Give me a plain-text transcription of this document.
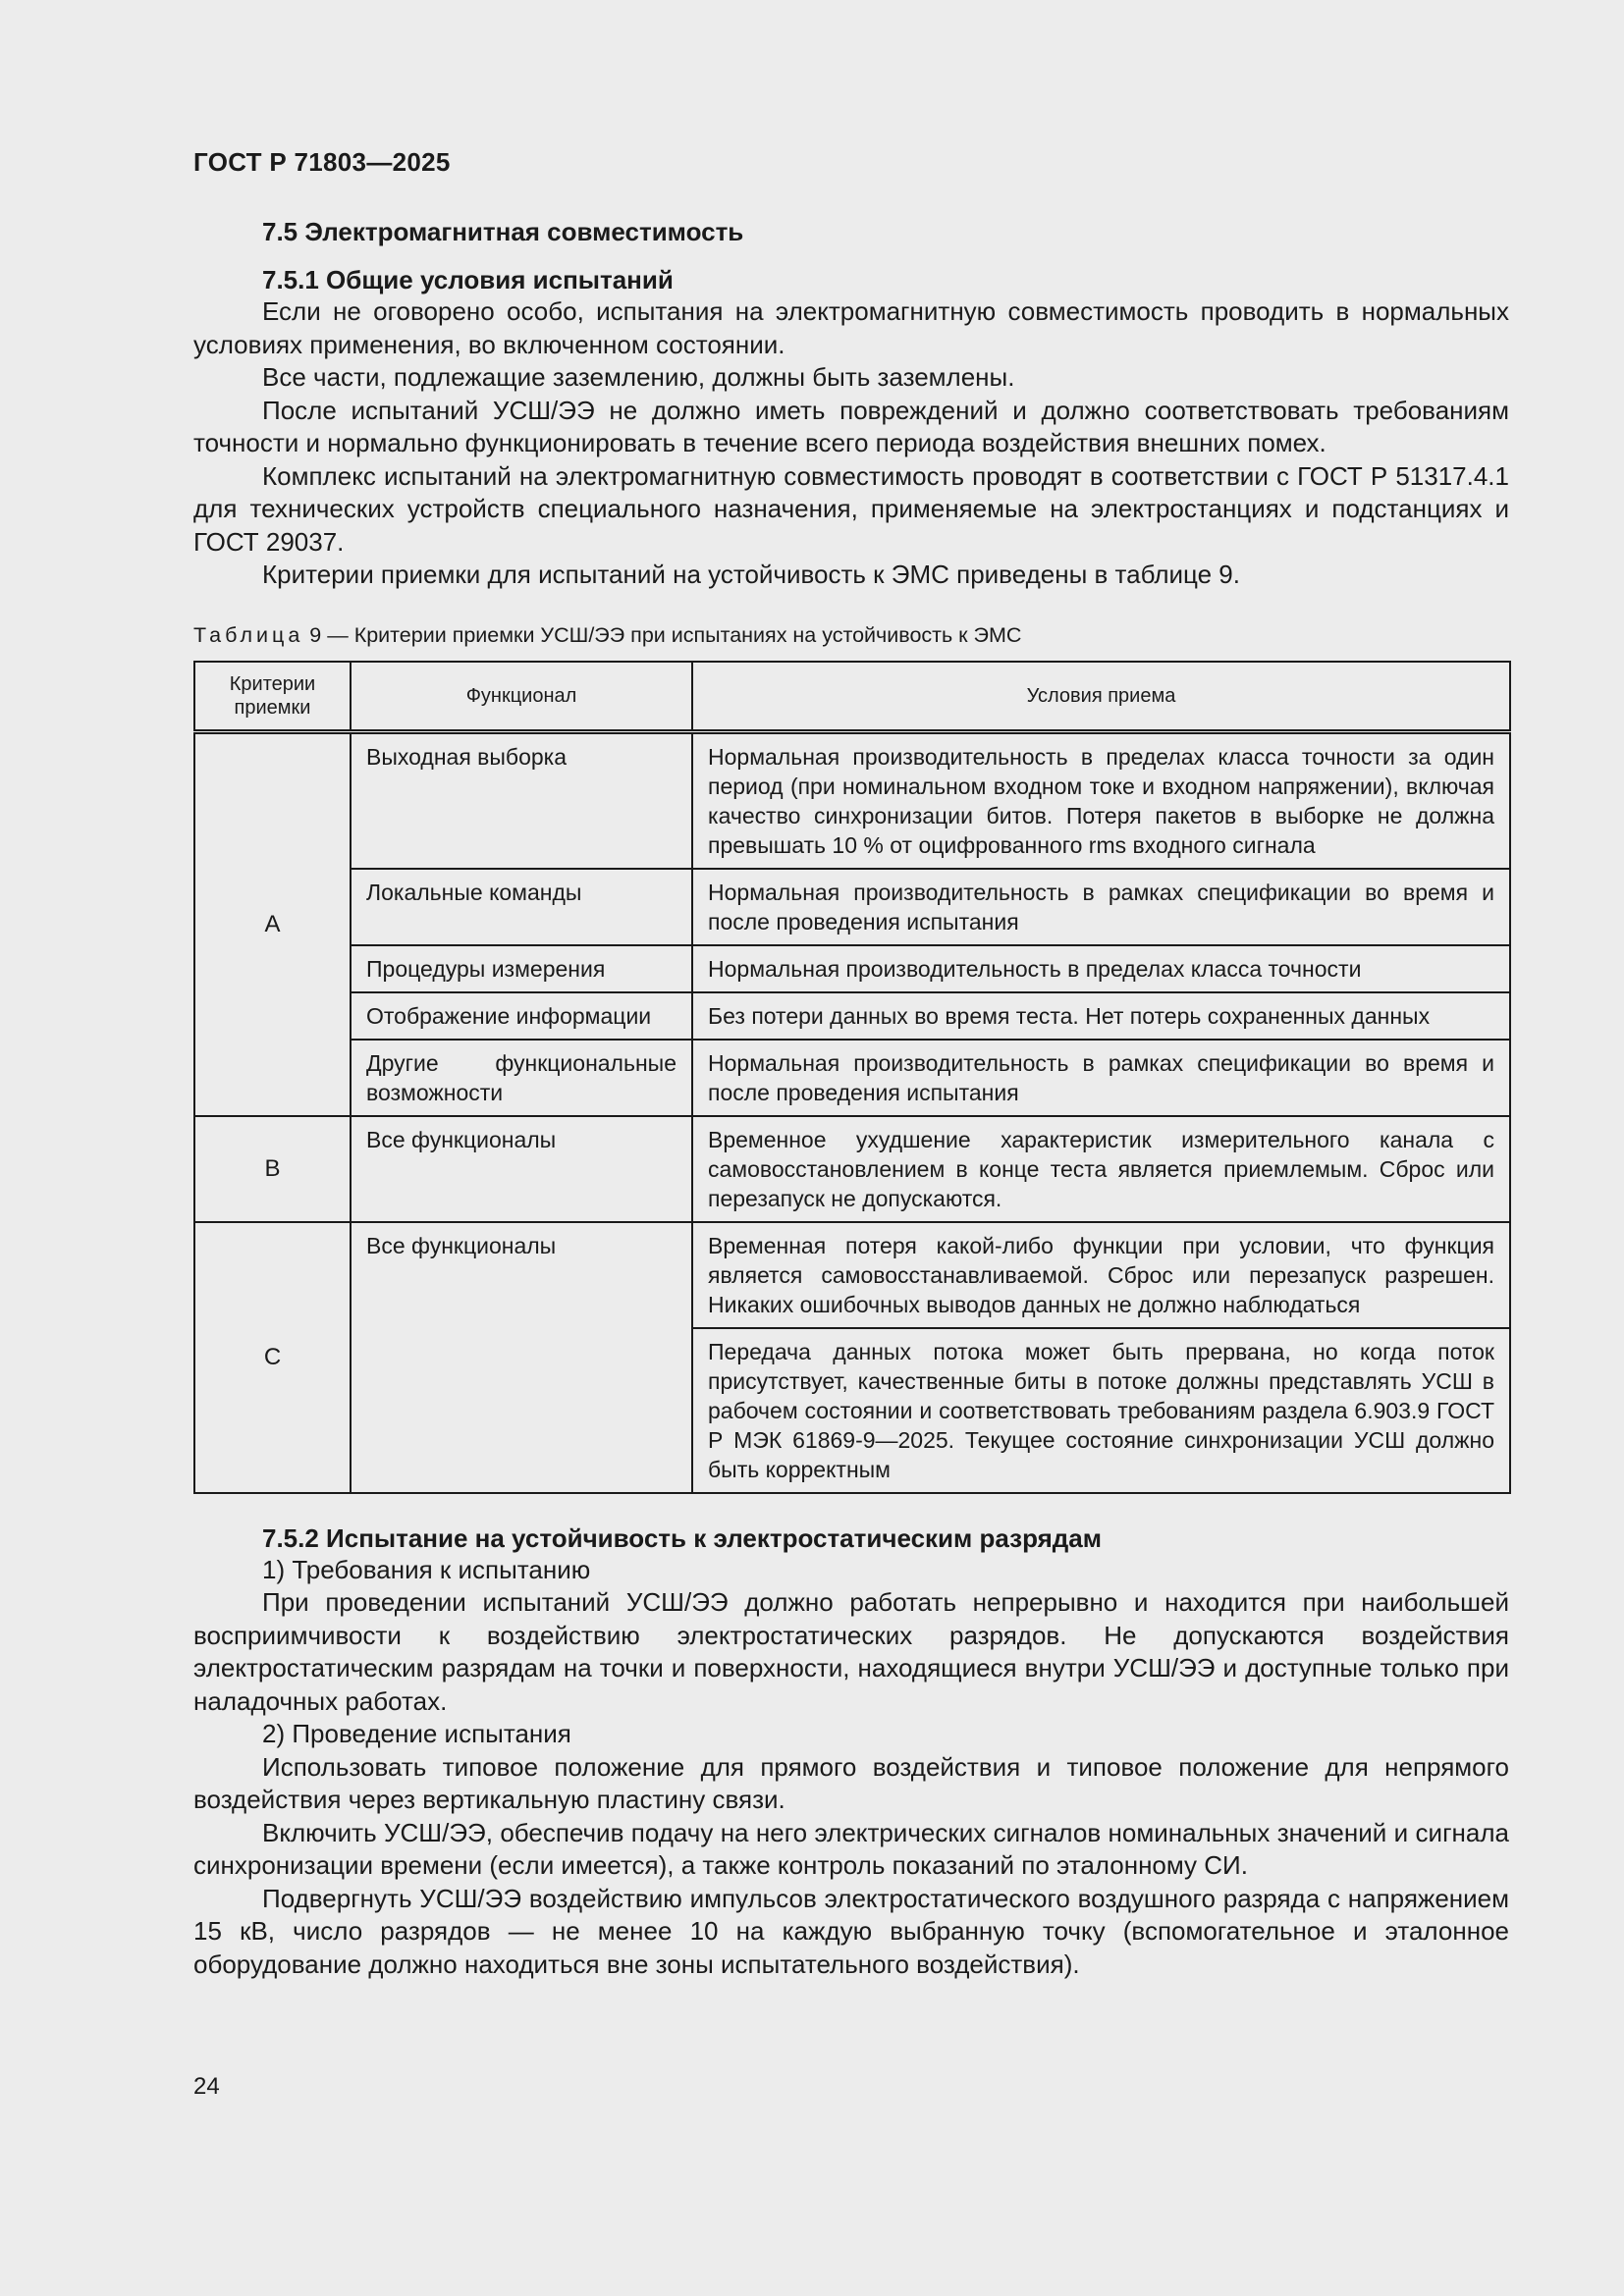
ГОСТ Р 71803—2025
7.5 Электромагнитная совместимость
7.5.1 Общие условия испытаний

Если не оговорено особо, испытания на электромагнитную совместимость проводить в нормальных условиях применения, во включенном состоянии.

Все части, подлежащие заземлению, должны быть заземлены.

После испытаний УСШ/ЭЭ не должно иметь повреждений и должно соответствовать требованиям точности и нормально функционировать в течение всего периода воздействия внешних помех.

Комплекс испытаний на электромагнитную совместимость проводят в соответствии с ГОСТ Р 51317.4.1 для технических устройств специального назначения, применяемые на электростанциях и подстанциях и ГОСТ 29037.

Критерии приемки для испытаний на устойчивость к ЭМС приведены в таблице 9.

Таблица 9 — Критерии приемки УСШ/ЭЭ при испытаниях на устойчивость к ЭМС
Критерии приемки	Функционал	Условия приема
A	Выходная выборка	Нормальная производительность в пределах класса точности за один период (при номинальном входном токе и входном напряжении), включая качество синхронизации битов. Потеря пакетов в выборке не должна превышать 10 % от оцифрованного rms входного сигнала
	Локальные команды	Нормальная производительность в рамках спецификации во время и после проведения испытания
	Процедуры измерения	Нормальная производительность в пределах класса точности
	Отображение информации	Без потери данных во время теста. Нет потерь сохраненных данных
	Другие функциональные возможности	Нормальная производительность в рамках спецификации во время и после проведения испытания
B	Все функционалы	Временное ухудшение характеристик измерительного канала с самовосстановлением в конце теста является приемлемым. Сброс или перезапуск не допускаются.
C	Все функционалы	Временная потеря какой-либо функции при условии, что функция является самовосстанавливаемой. Сброс или перезапуск разрешен. Никаких ошибочных выводов данных не должно наблюдаться
		Передача данных потока может быть прервана, но когда поток присутствует, качественные биты в потоке должны представлять УСШ в рабочем состоянии и соответствовать требованиям раздела 6.903.9 ГОСТ Р МЭК 61869-9—2025. Текущее состояние синхронизации УСШ должно быть корректным
7.5.2 Испытание на устойчивость к электростатическим разрядам
1) Требования к испытанию

При проведении испытаний УСШ/ЭЭ должно работать непрерывно и находится при наибольшей восприимчивости к воздействию электростатических разрядов. Не допускаются воздействия электростатическим разрядам на точки и поверхности, находящиеся внутри УСШ/ЭЭ и доступные только при наладочных работах.

2) Проведение испытания

Использовать типовое положение для прямого воздействия и типовое положение для непрямого воздействия через вертикальную пластину связи.

Включить УСШ/ЭЭ, обеспечив подачу на него электрических сигналов номинальных значений и сигнала синхронизации времени (если имеется), а также контроль показаний по эталонному СИ.

Подвергнуть УСШ/ЭЭ воздействию импульсов электростатического воздушного разряда с напряжением 15 кВ, число разрядов — не менее 10 на каждую выбранную точку (вспомогательное и эталонное оборудование должно находиться вне зоны испытательного воздействия).

24
